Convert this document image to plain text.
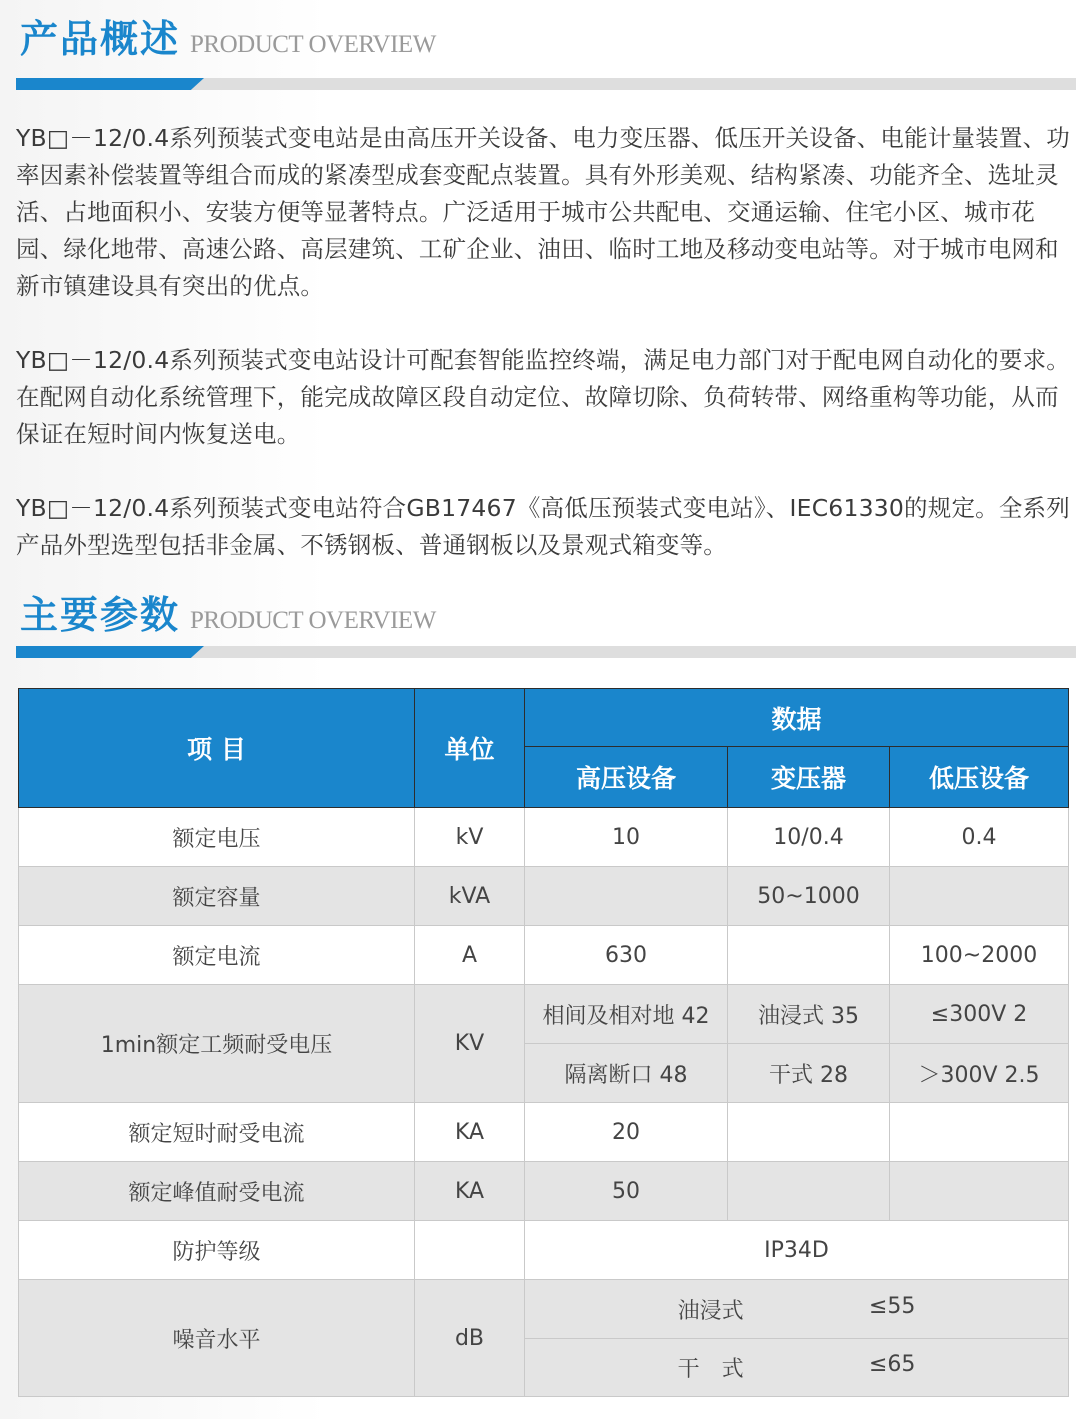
产品概述 PRODUCT OVERVIEW

YB□－12/0.4系列预装式变电站是由高压开关设备、电力变压器、低压开关设备、电能计量装置、功率因素补偿装置等组合而成的紧凑型成套变配点装置。具有外形美观、结构紧凑、功能齐全、选址灵活、占地面积小、安装方便等显著特点。广泛适用于城市公共配电、交通运输、住宅小区、城市花园、绿化地带、高速公路、高层建筑、工矿企业、油田、临时工地及移动变电站等。对于城市电网和新市镇建设具有突出的优点。

YB□－12/0.4系列预装式变电站设计可配套智能监控终端，满足电力部门对于配电网自动化的要求。在配网自动化系统管理下，能完成故障区段自动定位、故障切除、负荷转带、网络重构等功能，从而保证在短时间内恢复送电。

YB□－12/0.4系列预装式变电站符合GB17467《高低压预装式变电站》、IEC61330的规定。全系列产品外型选型包括非金属、不锈钢板、普通钢板以及景观式箱变等。

主要参数 PRODUCT OVERVIEW
项 目	单位	数据		
		高压设备	变压器	低压设备
额定电压	kV	10	10/0.4	0.4
额定容量	kVA		50~1000	
额定电流	A	630		100~2000
1min额定工频耐受电压	KV	相间及相对地 42	油浸式 35	≤300V 2
		隔离断口 48	干式 28	＞300V 2.5
额定短时耐受电流	KA	20		
额定峰值耐受电流	KA	50		
防护等级		IP34D		
噪音水平	dB	油浸式 ≤55		

		干　式 ≤65		
